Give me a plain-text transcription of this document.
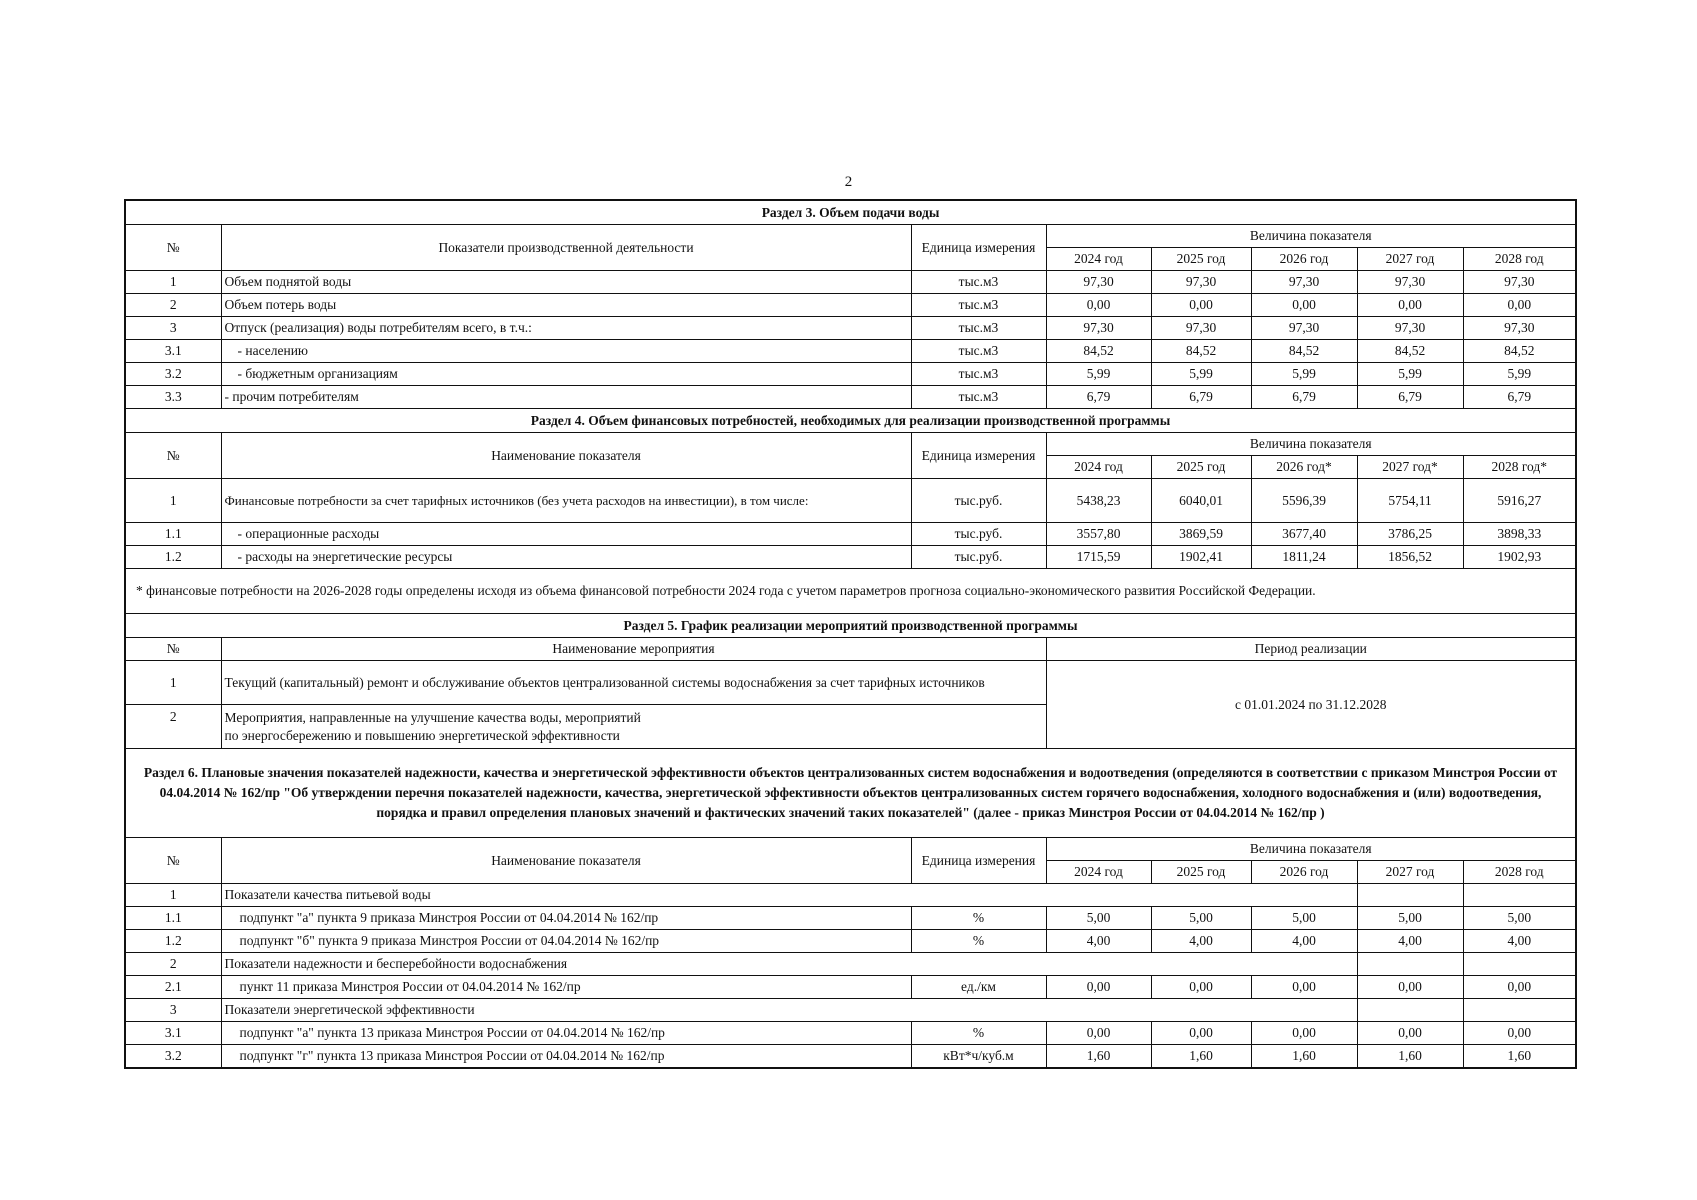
2
Раздел 3. Объем подачи воды							
№	Показатели производственной деятельности	Единица измерения	Величина показателя				
			2024 год	2025 год	2026 год	2027 год	2028 год
1	Объем поднятой воды	тыс.м3	97,30	97,30	97,30	97,30	97,30
2	Объем потерь воды	тыс.м3	0,00	0,00	0,00	0,00	0,00
3	Отпуск (реализация) воды потребителям всего, в т.ч.:	тыс.м3	97,30	97,30	97,30	97,30	97,30
3.1	- населению	тыс.м3	84,52	84,52	84,52	84,52	84,52
3.2	- бюджетным организациям	тыс.м3	5,99	5,99	5,99	5,99	5,99
3.3	- прочим потребителям	тыс.м3	6,79	6,79	6,79	6,79	6,79
Раздел 4. Объем финансовых потребностей, необходимых для реализации производственной программы							
№	Наименование показателя	Единица измерения	Величина показателя				
			2024 год	2025 год	2026 год*	2027 год*	2028 год*
1	Финансовые потребности за счет тарифных источников (без учета расходов на инвестиции), в том числе:	тыс.руб.	5438,23	6040,01	5596,39	5754,11	5916,27
1.1	- операционные расходы	тыс.руб.	3557,80	3869,59	3677,40	3786,25	3898,33
1.2	- расходы на энергетические ресурсы	тыс.руб.	1715,59	1902,41	1811,24	1856,52	1902,93
* финансовые потребности на 2026-2028 годы определены исходя из объема финансовой потребности 2024 года с учетом параметров прогноза социально-экономического развития Российской Федерации.							
Раздел 5. График реализации мероприятий производственной программы							
№	Наименование мероприятия		Период реализации				
1	Текущий (капитальный) ремонт и обслуживание объектов централизованной системы водоснабжения за счет тарифных источников		с 01.01.2024 по 31.12.2028				
2	Мероприятия, направленные на улучшение качества воды, мероприятий
по энергосбережению и повышению энергетической эффективности						

Раздел 6. Плановые значения показателей надежности, качества и энергетической эффективности объектов централизованных систем водоснабжения и водоотведения (определяются в соответствии с приказом Минстроя России от 04.04.2014 № 162/пр "Об утверждении перечня показателей надежности, качества, энергетической эффективности объектов централизованных систем горячего водоснабжения, холодного водоснабжения и (или) водоотведения, порядка и правил определения плановых значений и фактических значений таких показателей" (далее - приказ Минстроя России от 04.04.2014 № 162/пр )							
№	Наименование показателя	Единица измерения	Величина показателя				
			2024 год	2025 год	2026 год	2027 год	2028 год
1	Показатели качества питьевой воды						
1.1	подпункт "а" пункта 9 приказа Минстроя России от 04.04.2014 № 162/пр	%	5,00	5,00	5,00	5,00	5,00
1.2	подпункт "б" пункта 9 приказа Минстроя России от 04.04.2014 № 162/пр	%	4,00	4,00	4,00	4,00	4,00
2	Показатели надежности и бесперебойности водоснабжения						
2.1	пункт 11 приказа Минстроя России от 04.04.2014 № 162/пр	ед./км	0,00	0,00	0,00	0,00	0,00
3	Показатели энергетической эффективности						
3.1	подпункт "а" пункта 13 приказа Минстроя России от 04.04.2014 № 162/пр	%	0,00	0,00	0,00	0,00	0,00
3.2	подпункт "г" пункта 13 приказа Минстроя России от 04.04.2014 № 162/пр	кВт*ч/куб.м	1,60	1,60	1,60	1,60	1,60
